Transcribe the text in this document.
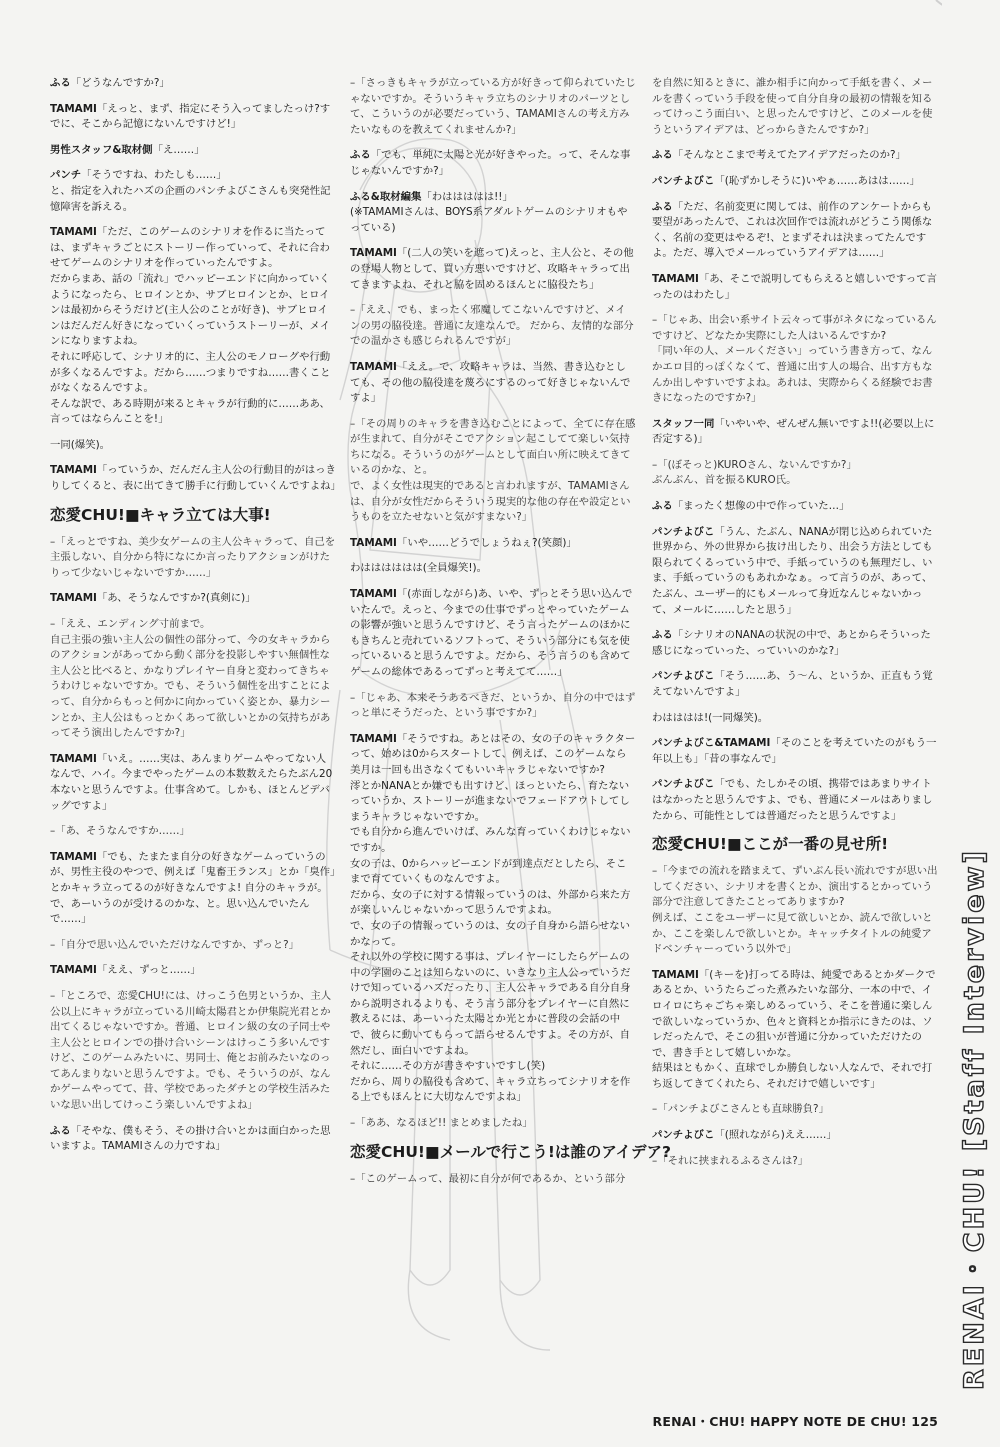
ふる「どうなんですか?」
TAMAMI「えっと、まず、指定にそう入ってましたっけ?すでに、そこから記憶にないんですけど!」
男性スタッフ&取材側「え……」
パンチ「そうですね、わたしも……」
と、指定を入れたハズの企画のパンチよびこさんも突発性記憶障害を訴える。
TAMAMI「ただ、このゲームのシナリオを作るに当たっては、まずキャラごとにストーリー作っていって、それに合わせてゲームのシナリオを作っていったんですよ。
だからまあ、話の「流れ」でハッピーエンドに向かっていくようになったら、ヒロインとか、サブヒロインとか、ヒロインは最初からそうだけど(主人公のことが好き)、サブヒロインはだんだん好きになっていくっていうストーリーが、メインになりますよね。
それに呼応して、シナリオ的に、主人公のモノローグや行動が多くなるんですよ。だから……つまりですね……書くことがなくなるんですよ。
そんな訳で、ある時期が来るとキャラが行動的に……ああ、言ってはならんことを!」
一同(爆笑)。
TAMAMI「っていうか、だんだん主人公の行動目的がはっきりしてくると、表に出てきて勝手に行動していくんですよね」
恋愛CHU!■キャラ立ては大事!
–「えっとですね、美少女ゲームの主人公キャラって、自己を主張しない、自分から特になにか言ったりアクションがけたりって少ないじゃないですか……」
TAMAMI「あ、そうなんですか?(真剣に)」
–「ええ、エンディング寸前まで。
自己主張の強い主人公の個性の部分って、今の女キャラからのアクションがあってから動く部分を投影しやすい無個性な主人公と比べると、かなりプレイヤー自身と変わってきちゃうわけじゃないですか。でも、そういう個性を出すことによって、自分からもっと何かに向かっていく姿とか、暴力シーンとか、主人公はもっとかくあって欲しいとかの気持ちがあってそう演出したんですか?」
TAMAMI「いえ。……実は、あんまりゲームやってない人なんで、ハイ。今までやったゲームの本数数えたらたぶん20本ないと思うんですよ。仕事含めて。しかも、ほとんどデバッグですよ」
–「あ、そうなんですか……」
TAMAMI「でも、たまたま自分の好きなゲームっていうのが、男性主役のやつで、例えば「鬼畜王ランス」とか「臭作」とかキャラ立ってるのが好きなんですよ! 自分のキャラが。で、あーいうのが受けるのかな、と。思い込んでいたんで……」
–「自分で思い込んでいただけなんですか、ずっと?」
TAMAMI「ええ、ずっと……」
–「ところで、恋愛CHU!には、けっこう色男というか、主人公以上にキャラが立っている川崎太陽君とか伊集院光君とか出てくるじゃないですか。普通、ヒロイン級の女の子同士や主人公とヒロインでの掛け合いシーンはけっこう多いんですけど、このゲームみたいに、男同士、俺とお前みたいなのってあんまりないと思うんですよ。でも、そういうのが、なんかゲームやってて、昔、学校であったダチとの学校生活みたいな思い出してけっこう楽しいんですよね」
ふる「そやな、僕もそう、その掛け合いとかは面白かった思いますよ。TAMAMIさんの力ですね」
–「さっきもキャラが立っている方が好きって仰られていたじゃないですか。そういうキャラ立ちのシナリオのパーツとして、こういうのが必要だっていう、TAMAMIさんの考え方みたいなものを教えてくれませんか?」
ふる「でも、単純に太陽と光が好きやった。って、そんな事じゃないんですか?」
ふる&取材編集「わははははは!!」
(※TAMAMIさんは、BOYS系アダルトゲームのシナリオもやっている)
TAMAMI「(二人の笑いを遮って)えっと、主人公と、その他の登場人物として、買い方悪いですけど、攻略キャラって出てきますよね、それと脇を固めるほんとに脇役たち」
–「ええ、でも、まったく邪魔してこないんですけど、メインの男の脇役達。普通に友達なんで。 だから、友情的な部分での温かさも感じられるんですが」
TAMAMI「ええ。で、攻略キャラは、当然、書き込むとしても、その他の脇役達を蔑ろにするのって好きじゃないんですよ」
–「その周りのキャラを書き込むことによって、全てに存在感が生まれて、自分がそこでアクション起こしてて楽しい気持ちになる。そういうのがゲームとして面白い所に映えてきているのかな、と。
で、よく女性は現実的であると言われますが、TAMAMIさんは、自分が女性だからそういう現実的な他の存在や設定というものを立たせないと気がすまない?」
TAMAMI「いや……どうでしょうねぇ?(笑顔)」
わはははははは(全員爆笑!)。
TAMAMI「(赤面しながら)あ、いや、ずっとそう思い込んでいたんで。えっと、今までの仕事でずっとやっていたゲームの影響が強いと思うんですけど、そう言ったゲームのほかにもきちんと売れているソフトって、そういう部分にも気を使っているいると思うんですよ。だから、そう言うのも含めてゲームの総体であるってずっと考えてて……」
–「じゃあ、本来そうあるべきだ、というか、自分の中ではずっと単にそうだった、という事ですか?」
TAMAMI「そうですね。あとはその、女の子のキャラクターって、始めは0からスタートして、例えば、このゲームなら美月は一回も出さなくてもいいキャラじゃないですか?
澪とかNANAとか嫌でも出すけど、ほっといたら、育たないっていうか、ストーリーが進まないでフェードアウトしてしまうキャラじゃないですか。
でも自分から進んでいけば、みんな育っていくわけじゃないですか。
女の子は、0からハッピーエンドが到達点だとしたら、そこまで育てていくものなんですよ。
だから、女の子に対する情報っていうのは、外部から来た方が楽しいんじゃないかって思うんですよね。
で、女の子の情報っていうのは、女の子自身から語らせないかなって。
それ以外の学校に関する事は、プレイヤーにしたらゲームの中の学園のことは知らないのに、いきなり主人公っていうだけで知っているハズだったり、主人公キャラである自分自身から説明されるよりも、そう言う部分をプレイヤーに自然に教えるには、あーいった太陽とか光とかに普段の会話の中で、彼らに動いてもらって語らせるんですよ。その方が、自然だし、面白いですよね。
それに……その方が書きやすいですし(笑)
だから、周りの脇役も含めて、キャラ立ちってシナリオを作る上でもほんとに大切なんですよね」
–「ああ、なるほど!! まとめましたね」
恋愛CHU!■メールで行こう!は誰のアイデア?
–「このゲームって、最初に自分が何であるか、という部分
を自然に知るときに、誰か相手に向かって手紙を書く、メールを書くっていう手段を使って自分自身の最初の情報を知るってけっこう面白い、と思ったんですけど、このメールを使うというアイデアは、どっからきたんですか?」
ふる「そんなとこまで考えてたアイデアだったのか?」
パンチよびこ「(恥ずかしそうに)いやぁ……あはは……」
ふる「ただ、名前変更に関しては、前作のアンケートからも要望があったんで、これは次回作では流れがどうこう関係なく、名前の変更はやるぞ!、とまずそれは決まってたんですよ。ただ、導入でメールっていうアイデアは……」
TAMAMI「あ、そこで説明してもらえると嬉しいですって言ったのはわたし」
–「じゃあ、出会い系サイト云々って事がネタになっているんですけど、どなたか実際にした人はいるんですか?
「同い年の人、メールください」っていう書き方って、なんかエロ目的っぽくなくて、普通に出す人の場合、出す方もなんか出しやすいですよね。あれは、実際からくる経験でお書きになったのですか?」
スタッフ一同「いやいや、ぜんぜん無いですよ!!(必要以上に否定する)」
–「(ぼそっと)KUROさん、ないんですか?」
ぶんぶん、首を振るKURO氏。
ふる「まったく想像の中で作っていた…」
パンチよびこ「うん、たぶん、NANAが閉じ込められていた世界から、外の世界から抜け出したり、出会う方法としても限られてくるっていう中で、手紙っていうのも無理だし、いま、手紙っていうのもあれかなぁ。って言うのが、あって、たぶん、ユーザー的にもメールって身近なんじゃないかって、メールに……したと思う」
ふる「シナリオのNANAの状況の中で、あとからそういった感じになっていった、っていいのかな?」
パンチよびこ「そう……あ、う～ん、というか、正直もう覚えてないんですよ」
わはははは!(一同爆笑)。
パンチよびこ&TAMAMI「そのことを考えていたのがもう一年以上も」「昔の事なんで」
パンチよびこ「でも、たしかその頃、携帯ではあまりサイトはなかったと思うんですよ、でも、普通にメールはありましたから、可能性としては普通だったと思うんですよ」
恋愛CHU!■ここが一番の見せ所!
–「今までの流れを踏まえて、ずいぶん長い流れですが思い出してください、シナリオを書くとか、演出するとかっていう部分で注意してきたことってありますか?
例えば、ここをユーザーに見て欲しいとか、読んで欲しいとか、ここを楽しんで欲しいとか。キャッチタイトルの純愛アドベンチャーっていう以外で」
TAMAMI「(キーを)打ってる時は、純愛であるとかダークであるとか、いうたらごった煮みたいな部分、一本の中で、イロイロにちゃごちゃ楽しめるっていう、そこを普通に楽しんで欲しいなっていうか、色々と資料とか指示にきたのは、ソレだったんで、そこの狙いが普通に分かっていただけたので、書き手として嬉しいかな。
結果はともかく、直球でしか勝負しない人なんで、それで打ち返してきてくれたら、それだけで嬉しいです」
–「パンチよびこさんとも直球勝負?」
パンチよびこ「(照れながら)ええ……」
–「それに挟まれるふるさんは?」	RENAI・CHU! [Staff Interview]
RENAI・CHU! HAPPY NOTE DE CHU! 125
